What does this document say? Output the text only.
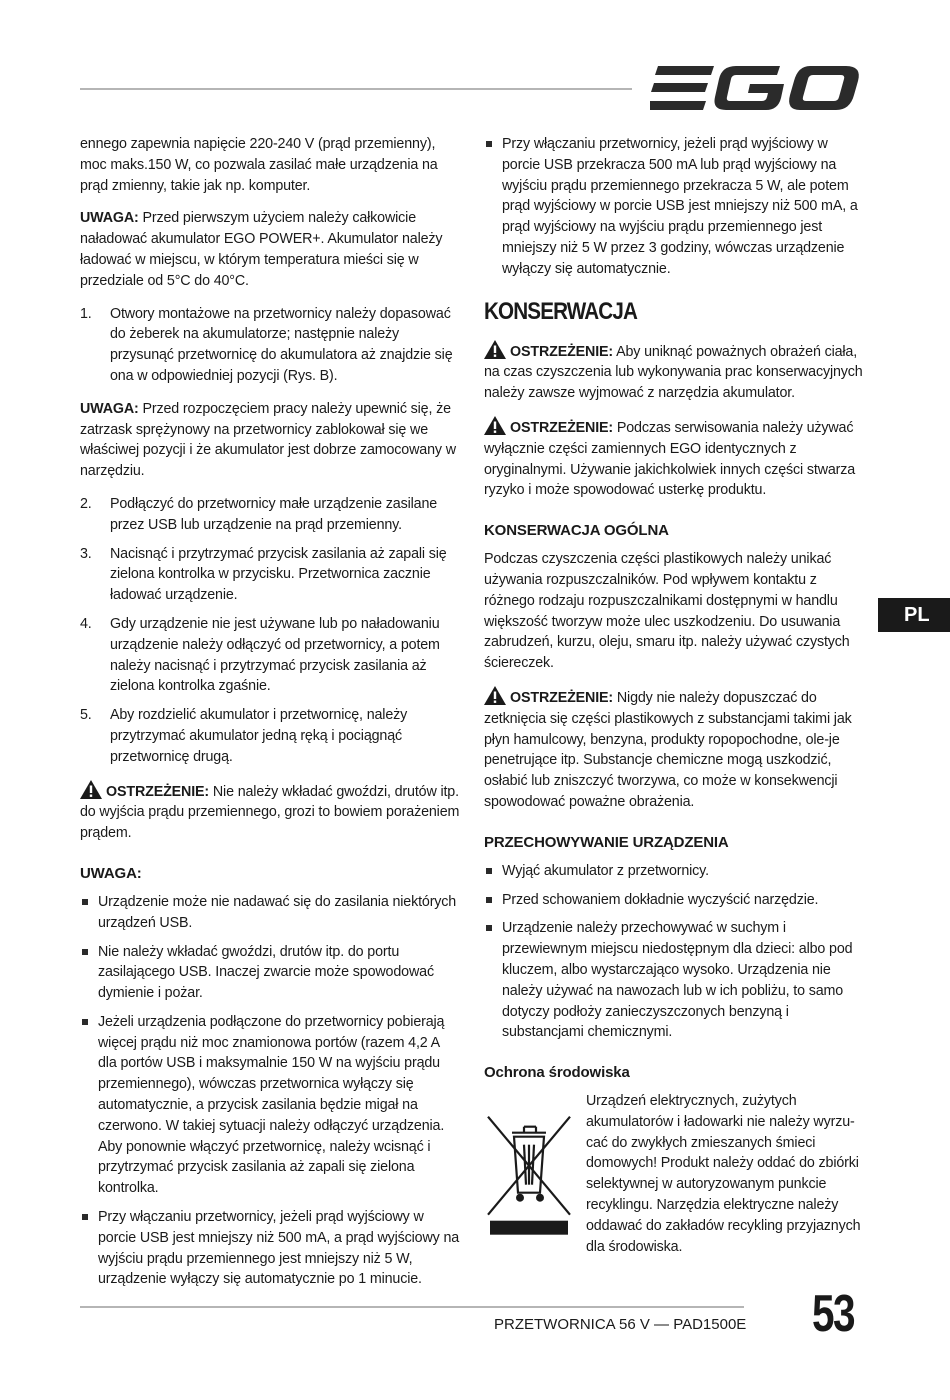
ennego zapewnia napięcie 220-240 V (prąd przemienny), moc maks.150 W, co pozwala zasilać małe urządzenia na prąd zmienny, takie jak np. komputer.

UWAGA: Przed pierwszym użyciem należy całkowicie naładować akumulator EGO POWER+. Akumulator należy ładować w miejscu, w którym temperatura mieści się w przedziale od 5°C do 40°C.

1. Otwory montażowe na przetwornicy należy dopasować do żeberek na akumulatorze; następnie należy przysunąć przetwornicę do akumulatora aż znajdzie się ona w odpowiedniej pozycji (Rys. B).

UWAGA: Przed rozpoczęciem pracy należy upewnić się, że zatrzask sprężynowy na przetwornicy zablokował się we właściwej pozycji i że akumulator jest dobrze zamocowany w narzędziu.

2. Podłączyć do przetwornicy małe urządzenie zasilane przez USB lub urządzenie na prąd przemienny.
3. Nacisnąć i przytrzymać przycisk zasilania aż zapali się zielona kontrolka w przycisku. Przetwornica zacznie ładować urządzenie.
4. Gdy urządzenie nie jest używane lub po naładowaniu urządzenie należy odłączyć od przetwornicy, a potem należy nacisnąć i przytrzymać przycisk zasilania aż zielona kontrolka zgaśnie.
5. Aby rozdzielić akumulator i przetwornicę, należy przytrzymać akumulator jedną ręką i pociągnąć przetwornicę drugą.

OSTRZEŻENIE: Nie należy wkładać gwoździ, drutów itp. do wyjścia prądu przemiennego, grozi to bowiem porażeniem prądem.

UWAGA:
Urządzenie może nie nadawać się do zasilania niektórych urządzeń USB.
Nie należy wkładać gwoździ, drutów itp. do portu zasilającego USB. Inaczej zwarcie może spowodować dymienie i pożar.
Jeżeli urządzenia podłączone do przetwornicy pobierają więcej prądu niż moc znamionowa portów (razem 4,2 A dla portów USB i maksymalnie 150 W na wyjściu prądu przemiennego), wówczas przetwornica wyłączy się automatycznie, a przycisk zasilania będzie migał na czerwono. W takiej sytuacji należy odłączyć urządzenia. Aby ponownie włączyć przetwornicę, należy wcisnąć i przytrzymać przycisk zasilania aż zapali się zielona kontrolka.
Przy włączaniu przetwornicy, jeżeli prąd wyjściowy w porcie USB jest mniejszy niż 500 mA, a prąd wyjściowy na wyjściu prądu przemiennego jest mniejszy niż 5 W, urządzenie wyłączy się automatycznie po 1 minucie.
Przy włączaniu przetwornicy, jeżeli prąd wyjściowy w porcie USB przekracza 500 mA lub prąd wyjściowy na wyjściu prądu przemiennego przekracza 5 W, ale potem prąd wyjściowy w porcie USB jest mniejszy niż 500 mA, a prąd wyjściowy na wyjściu prądu przemiennego jest mniejszy niż 5 W przez 3 godziny, wówczas urządzenie wyłączy się automatycznie.
KONSERWACJA

OSTRZEŻENIE: Aby uniknąć poważnych obrażeń ciała, na czas czyszczenia lub wykonywania prac konserwacyjnych należy zawsze wyjmować z narzędzia akumulator.

OSTRZEŻENIE: Podczas serwisowania należy używać wyłącznie części zamiennych EGO identycznych z oryginalnymi. Używanie jakichkolwiek innych części stwarza ryzyko i może spowodować usterkę produktu.

KONSERWACJA OGÓLNA

Podczas czyszczenia części plastikowych należy unikać używania rozpuszczalników. Pod wpływem kontaktu z różnego rodzaju rozpuszczalnikami dostępnymi w handlu większość tworzyw może ulec uszkodzeniu. Do usuwania zabrudzeń, kurzu, oleju, smaru itp. należy używać czystych ściereczek.

OSTRZEŻENIE: Nigdy nie należy dopuszczać do zetknięcia się części plastikowych z substancjami takimi jak płyn hamulcowy, benzyna, produkty ropopochodne, ole-je penetrujące itp. Substancje chemiczne mogą uszkodzić, osłabić lub zniszczyć tworzywa, co może w konsekwencji spowodować poważne obrażenia.

PRZECHOWYWANIE URZĄDZENIA
Wyjąć akumulator z przetwornicy.
Przed schowaniem dokładnie wyczyścić narzędzie.
Urządzenie należy przechowywać w suchym i przewiewnym miejscu niedostępnym dla dzieci: albo pod kluczem, albo wystarczająco wysoko. Urządzenia nie należy używać na nawozach lub w ich pobliżu, to samo dotyczy podłoży zanieczyszczonych benzyną i substancjami chemicznymi.
Ochrona środowiska
Urządzeń elektrycznych, zużytych akumulatorów i ładowarki nie należy wyrzu-cać do zwykłych zmieszanych śmieci domowych! Produkt należy oddać do zbiórki selektywnej w autoryzowanym punkcie recyklingu. Narzędzia elektryczne należy oddawać do zakładów recykling przyjaznych dla środowiska.
PL
PRZETWORNICA 56 V — PAD1500E 53
